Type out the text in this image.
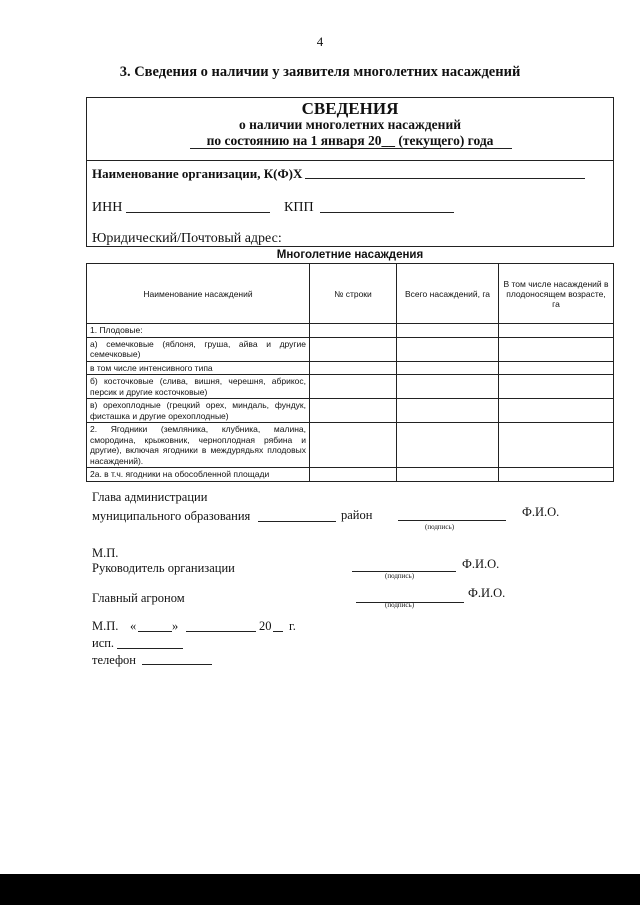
4
3. Сведения о наличии у заявителя многолетних насаждений
СВЕДЕНИЯ
о наличии многолетних насаждений
по состоянию на 1 января 20__ (текущего) года
Наименование организации, К(Ф)Х
ИНН	КПП
Юридический/Почтовый адрес:
Многолетние насаждения
Наименование насаждений	№ строки	Всего насаждений, га	В том числе насаждений в плодоносящем возрасте, га
1. Плодовые:			
а) семечковые (яблоня, груша, айва и другие семечковые)			
в том числе интенсивного типа			
б) косточковые (слива, вишня, черешня, абрикос, персик и другие косточковые)			
в) орехоплодные (грецкий орех, миндаль, фундук, фисташка и другие орехоплодные)			
2. Ягодники (земляника, клубника, малина, смородина, крыжовник, черноплодная рябина и другие), включая ягодники в междурядьях плодовых насаждений).			
2а. в т.ч. ягодники на обособленной площади			
Глава администрации
муниципального образования	район
(подпись)
Ф.И.О.
М.П.
Руководитель организации
(подпись)
Ф.И.О.
Главный агроном	(подпись)
Ф.И.О.
М.П. «	»	20 г.
исп.
телефон
